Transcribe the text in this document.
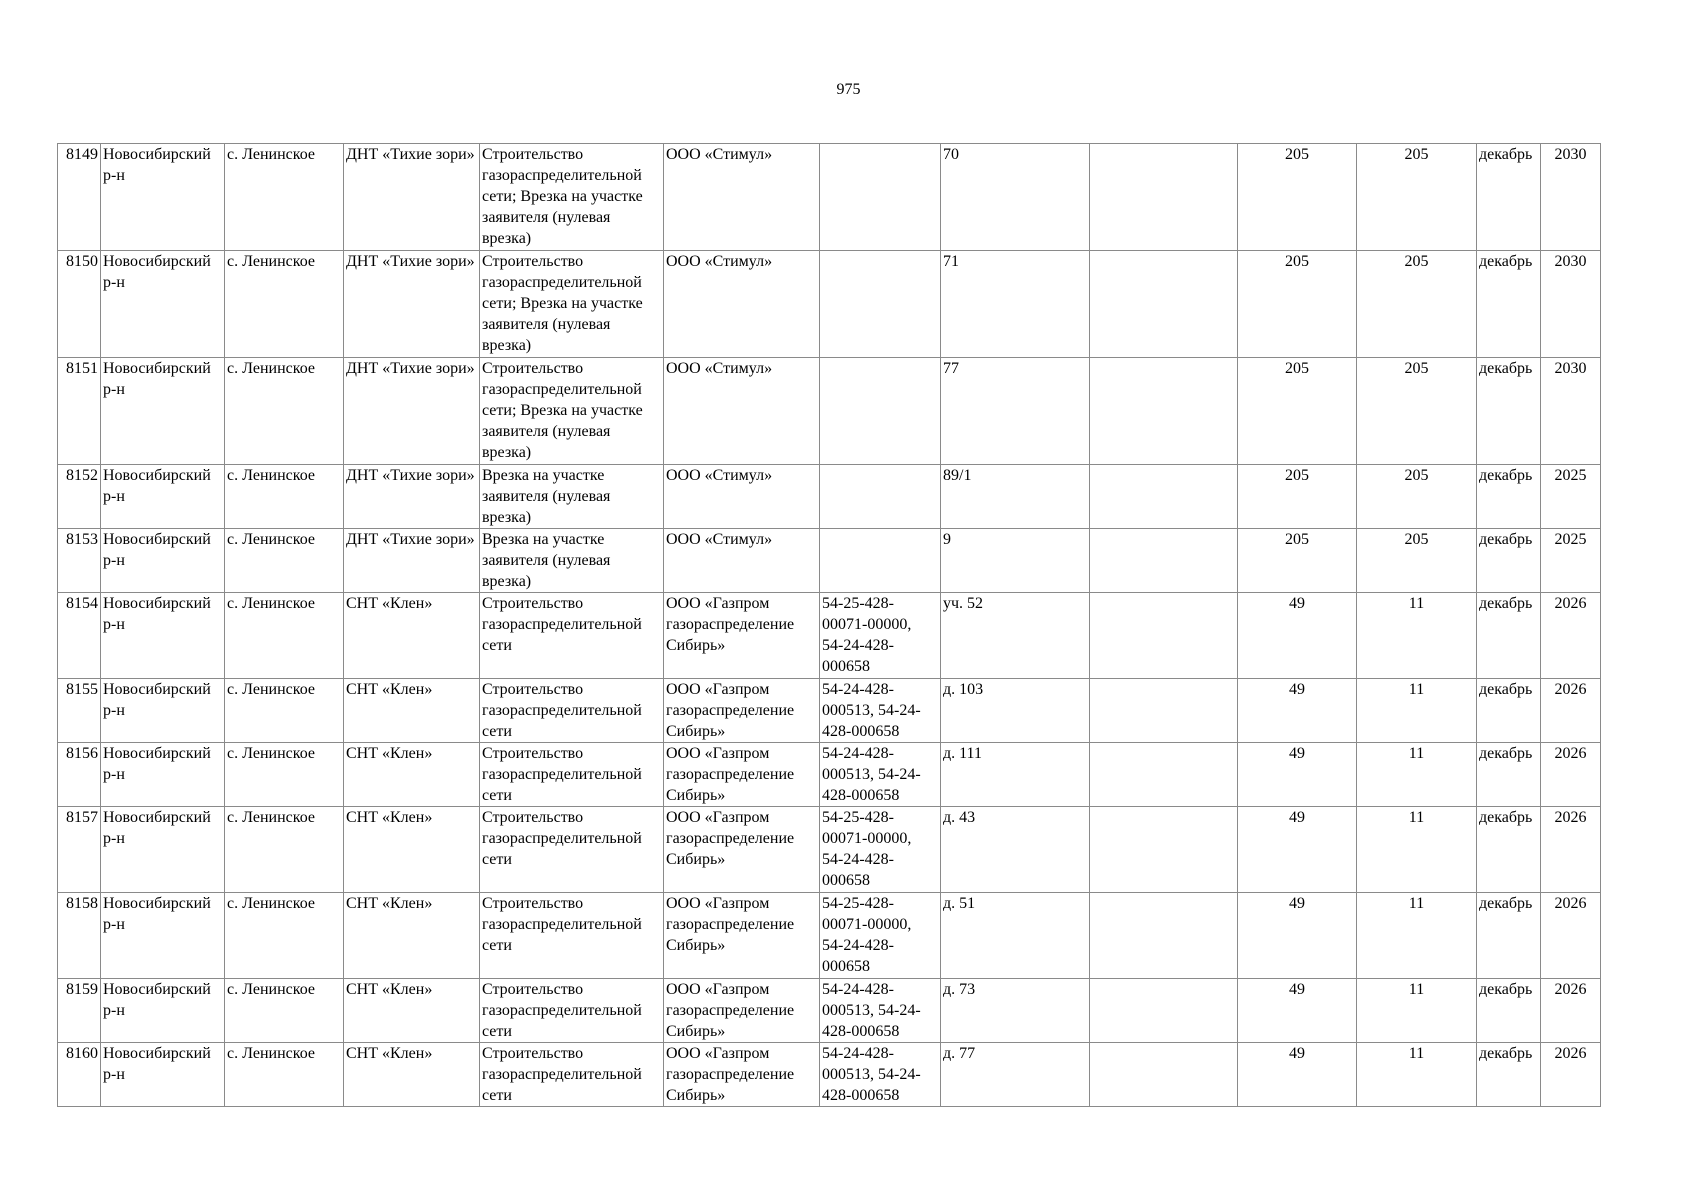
975
8149	Новосибирский р-н	с. Ленинское	ДНТ «Тихие зори»	Строительство газораспределительной сети; Врезка на участке заявителя (нулевая врезка)	ООО «Стимул»		70		205	205	декабрь	2030
8150	Новосибирский р-н	с. Ленинское	ДНТ «Тихие зори»	Строительство газораспределительной сети; Врезка на участке заявителя (нулевая врезка)	ООО «Стимул»		71		205	205	декабрь	2030
8151	Новосибирский р-н	с. Ленинское	ДНТ «Тихие зори»	Строительство газораспределительной сети; Врезка на участке заявителя (нулевая врезка)	ООО «Стимул»		77		205	205	декабрь	2030
8152	Новосибирский р-н	с. Ленинское	ДНТ «Тихие зори»	Врезка на участке заявителя (нулевая врезка)	ООО «Стимул»		89/1		205	205	декабрь	2025
8153	Новосибирский р-н	с. Ленинское	ДНТ «Тихие зори»	Врезка на участке заявителя (нулевая врезка)	ООО «Стимул»		9		205	205	декабрь	2025
8154	Новосибирский р-н	с. Ленинское	СНТ «Клен»	Строительство газораспределительной сети	ООО «Газпром газораспределение Сибирь»	54-25-428-
00071-00000,
54-24-428-
000658	уч. 52		49	11	декабрь	2026
8155	Новосибирский р-н	с. Ленинское	СНТ «Клен»	Строительство газораспределительной сети	ООО «Газпром газораспределение Сибирь»	54-24-428-
000513, 54-24-
428-000658	д. 103		49	11	декабрь	2026
8156	Новосибирский р-н	с. Ленинское	СНТ «Клен»	Строительство газораспределительной сети	ООО «Газпром газораспределение Сибирь»	54-24-428-
000513, 54-24-
428-000658	д. 111		49	11	декабрь	2026
8157	Новосибирский р-н	с. Ленинское	СНТ «Клен»	Строительство газораспределительной сети	ООО «Газпром газораспределение Сибирь»	54-25-428-
00071-00000,
54-24-428-
000658	д. 43		49	11	декабрь	2026
8158	Новосибирский р-н	с. Ленинское	СНТ «Клен»	Строительство газораспределительной сети	ООО «Газпром газораспределение Сибирь»	54-25-428-
00071-00000,
54-24-428-
000658	д. 51		49	11	декабрь	2026
8159	Новосибирский р-н	с. Ленинское	СНТ «Клен»	Строительство газораспределительной сети	ООО «Газпром газораспределение Сибирь»	54-24-428-
000513, 54-24-
428-000658	д. 73		49	11	декабрь	2026
8160	Новосибирский р-н	с. Ленинское	СНТ «Клен»	Строительство газораспределительной сети	ООО «Газпром газораспределение Сибирь»	54-24-428-
000513, 54-24-
428-000658	д. 77		49	11	декабрь	2026
